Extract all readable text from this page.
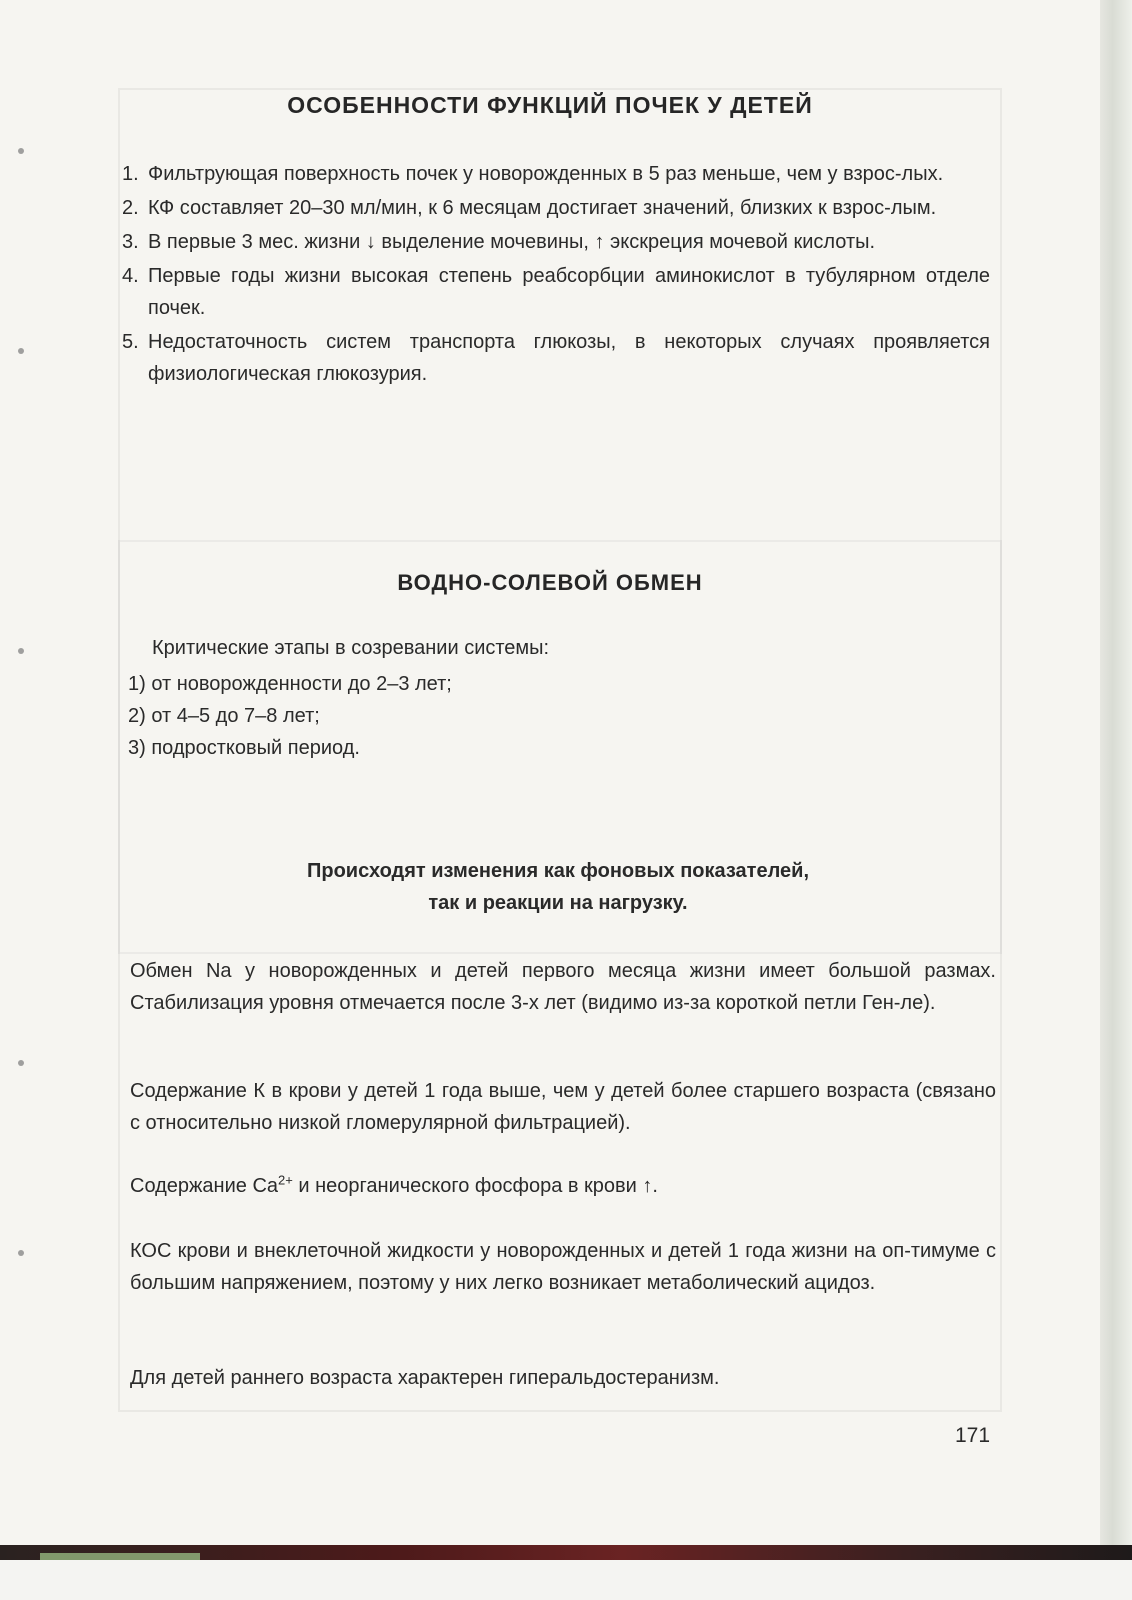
ОСОБЕННОСТИ ФУНКЦИЙ ПОЧЕК У ДЕТЕЙ
1. Фильтрующая поверхность почек у новорожденных в 5 раз меньше, чем у взрос-лых.
2. КФ составляет 20–30 мл/мин, к 6 месяцам достигает значений, близких к взрос-лым.
3. В первые 3 мес. жизни ↓ выделение мочевины, ↑ экскреция мочевой кислоты.
4. Первые годы жизни высокая степень реабсорбции аминокислот в тубулярном отделе почек.
5. Недостаточность систем транспорта глюкозы, в некоторых случаях проявляется физиологическая глюкозурия.
ВОДНО-СОЛЕВОЙ ОБМЕН

Критические этапы в созревании системы:

1) от новорожденности до 2–3 лет;
2) от 4–5 до 7–8 лет;
3) подростковый период.

Происходят изменения как фоновых показателей,
так и реакции на нагрузку.

Обмен Na у новорожденных и детей первого месяца жизни имеет большой размах. Стабилизация уровня отмечается после 3-х лет (видимо из-за короткой петли Ген-ле).

Содержание К в крови у детей 1 года выше, чем у детей более старшего возраста (связано с относительно низкой гломерулярной фильтрацией).

Содержание $Ca^{2+}$ и неорганического фосфора в крови ↑.

КОС крови и внеклеточной жидкости у новорожденных и детей 1 года жизни на оп-тимуме с большим напряжением, поэтому у них легко возникает метаболический ацидоз.

Для детей раннего возраста характерен гиперальдостеранизм.

171
